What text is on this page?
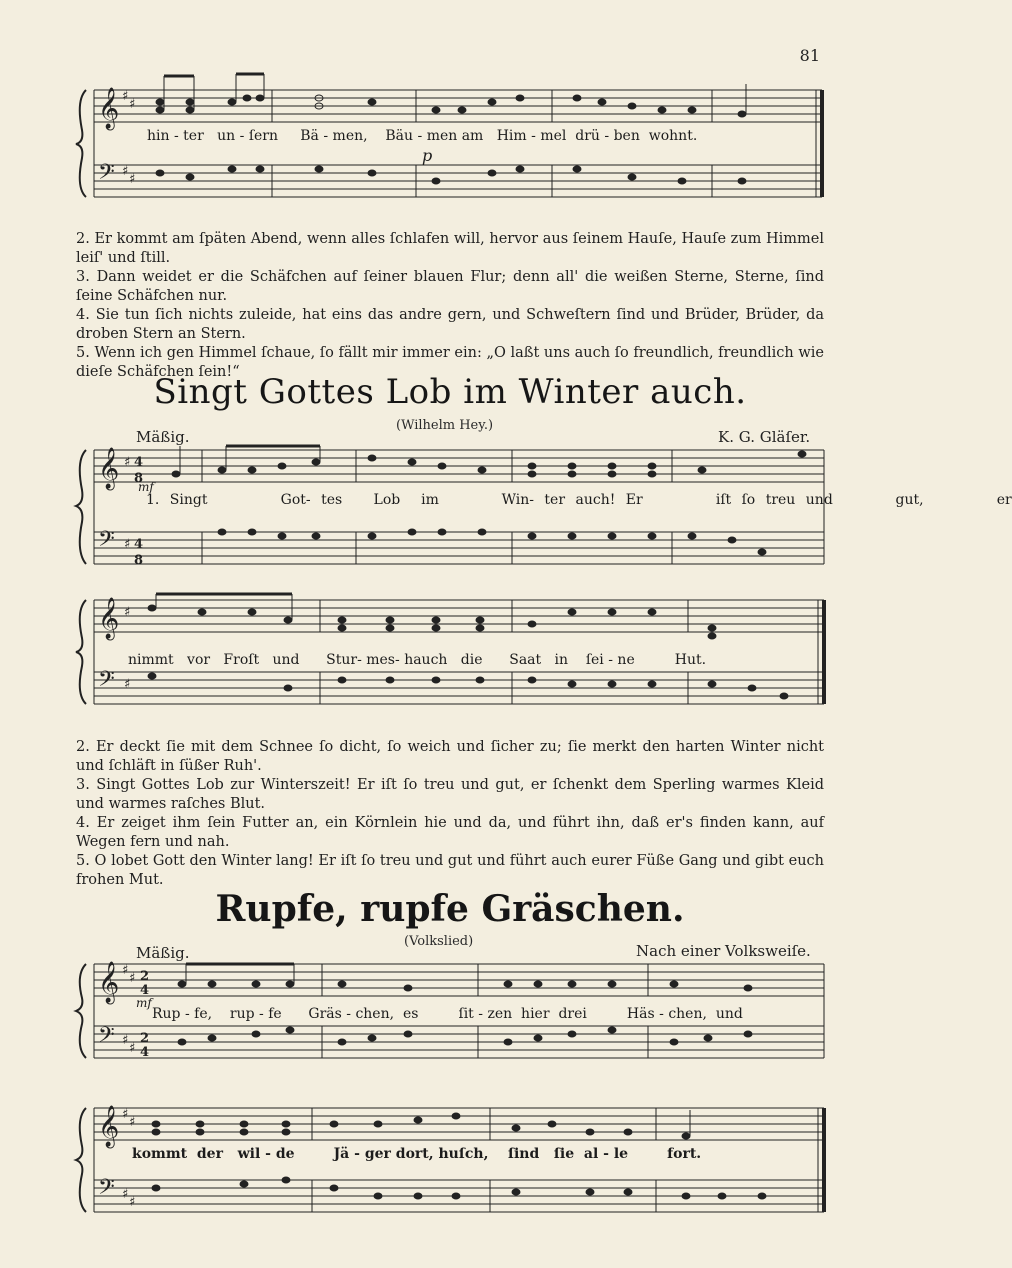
81
𝄞
𝄢
♯
♯
♯
♯
hin - ter un - ſern Bä - men, Bäu - men am Him - mel drü - ben wohnt.
p

2. Er kommt am ſpäten Abend, wenn alles ſchlafen will, hervor aus ſeinem Hauſe, Hauſe zum Himmel leiſ' und ſtill.

3. Dann weidet er die Schäfchen auf ſeiner blauen Flur; denn all' die weißen Sterne, Sterne, ſind ſeine Schäfchen nur.

4. Sie tun ſich nichts zuleide, hat eins das andre gern, und Schweſtern ſind und Brüder, Brüder, da droben Stern an Stern.

5. Wenn ich gen Himmel ſchaue, ſo fällt mir immer ein: „O laßt uns auch ſo freundlich, freundlich wie dieſe Schäfchen ſein!“

Singt Gottes Lob im Winter auch.
(Wilhelm Hey.)
Mäßig.	K. G. Gläſer.
𝄞
𝄢
♯
♯
4
8
4
8
mf
1. Singt	Got- tes Lob im	Win- ter auch! Er	iſt ſo treu und	gut,	er
𝄞
𝄢
♯
♯
nimmt vor Froſt und Stur- mes- hauch die Saat in ſei - ne	Hut.

2. Er deckt ſie mit dem Schnee ſo dicht, ſo weich und ſicher zu; ſie merkt den harten Winter nicht und ſchläft in ſüßer Ruh'.

3. Singt Gottes Lob zur Winterszeit! Er iſt ſo treu und gut, er ſchenkt dem Sperling warmes Kleid und warmes raſches Blut.

4. Er zeiget ihm ſein Futter an, ein Körnlein hie und da, und führt ihn, daß er's finden kann, auf Wegen fern und nah.

5. O lobet Gott den Winter lang! Er iſt ſo treu und gut und führt auch eurer Füße Gang und gibt euch frohen Mut.

Rupfe, rupfe Gräschen.
(Volkslied)
Mäßig.	Nach einer Volksweiſe.
𝄞
𝄢
♯
♯
♯
♯
2
4
2
4
mf
Rup - fe, rup - fe Gräs - chen, es	ſit - zen hier drei	Häs - chen, und
𝄞
𝄢
♯
♯
♯
♯
kommt der wil - de	Jä - ger dort, huſch, ſind ſie al - le	fort.
